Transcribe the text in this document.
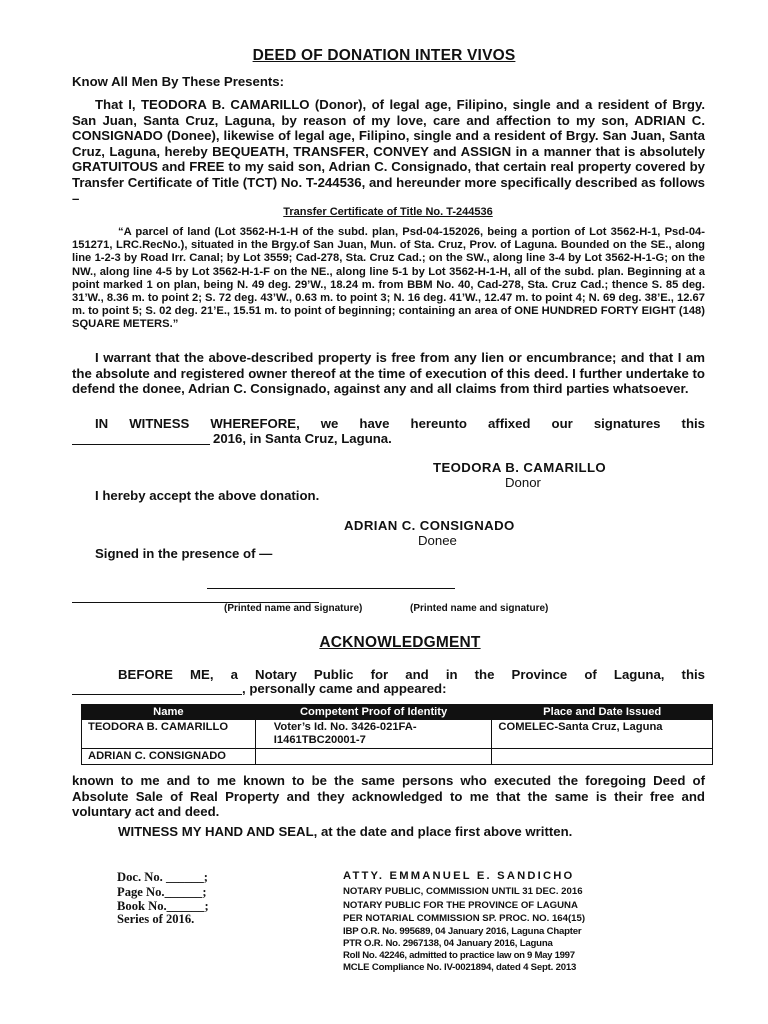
DEED OF DONATION INTER VIVOS
Know All Men By These Presents:
That I, TEODORA B. CAMARILLO (Donor), of legal age, Filipino, single and a resident of Brgy. San Juan, Santa Cruz, Laguna, by reason of my love, care and affection to my son, ADRIAN C. CONSIGNADO (Donee), likewise of legal age, Filipino, single and a resident of Brgy. San Juan, Santa Cruz, Laguna, hereby BEQUEATH, TRANSFER, CONVEY and ASSIGN in a manner that is absolutely GRATUITOUS and FREE to my said son, Adrian C. Consignado, that certain real property covered by Transfer Certificate of Title (TCT) No. T-244536, and hereunder more specifically described as follows –
Transfer Certificate of Title No. T-244536
“A parcel of land (Lot 3562-H-1-H of the subd. plan, Psd-04-152026, being a portion of Lot 3562-H-1, Psd-04-151271, LRC.RecNo.), situated in the Brgy.of San Juan, Mun. of Sta. Cruz, Prov. of Laguna. Bounded on the SE., along line 1-2-3 by Road Irr. Canal; by Lot 3559; Cad-278, Sta. Cruz Cad.; on the SW., along line 3-4 by Lot 3562-H-1-G; on the NW., along line 4-5 by Lot 3562-H-1-F on the NE., along line 5-1 by Lot 3562-H-1-H, all of the subd. plan. Beginning at a point marked 1 on plan, being N. 49 deg. 29’W., 18.24 m. from BBM No. 40, Cad-278, Sta. Cruz Cad.; thence S. 85 deg. 31’W., 8.36 m. to point 2; S. 72 deg. 43’W., 0.63 m. to point 3; N. 16 deg. 41’W., 12.47 m. to point 4; N. 69 deg. 38’E., 12.67 m. to point 5; S. 02 deg. 21’E., 15.51 m. to point of beginning; containing an area of ONE HUNDRED FORTY EIGHT (148) SQUARE METERS.”
I warrant that the above-described property is free from any lien or encumbrance; and that I am the absolute and registered owner thereof at the time of execution of this deed. I further undertake to defend the donee, Adrian C. Consignado, against any and all claims from third parties whatsoever.
IN WITNESS WHEREFORE, we have hereunto affixed our signatures this
2016, in Santa Cruz, Laguna.
TEODORA B. CAMARILLO
Donor
I hereby accept the above donation.
ADRIAN C. CONSIGNADO
Donee
Signed in the presence of —
(Printed name and signature)	(Printed name and signature)
ACKNOWLEDGMENT
BEFORE ME, a Notary Public for and in the Province of Laguna, this
, personally came and appeared:
Name	Competent Proof of Identity	Place and Date Issued
TEODORA B. CAMARILLO	Voter’s Id. No. 3426-021FA-I1461TBC20001-7	COMELEC-Santa Cruz, Laguna
ADRIAN C. CONSIGNADO		
known to me and to me known to be the same persons who executed the foregoing Deed of Absolute Sale of Real Property and they acknowledged to me that the same is their free and voluntary act and deed.
WITNESS MY HAND AND SEAL, at the date and place first above written.
Doc. No. ______;
Page No.______;
Book No.______;
Series of 2016.
ATTY. EMMANUEL E. SANDICHO
NOTARY PUBLIC, COMMISSION UNTIL 31 DEC. 2016
NOTARY PUBLIC FOR THE PROVINCE OF LAGUNA
PER NOTARIAL COMMISSION SP. PROC. NO. 164(15)
IBP O.R. No. 995689, 04 January 2016, Laguna Chapter
PTR O.R. No. 2967138, 04 January 2016, Laguna
Roll No. 42246, admitted to practice law on 9 May 1997
MCLE Compliance No. IV-0021894, dated 4 Sept. 2013
